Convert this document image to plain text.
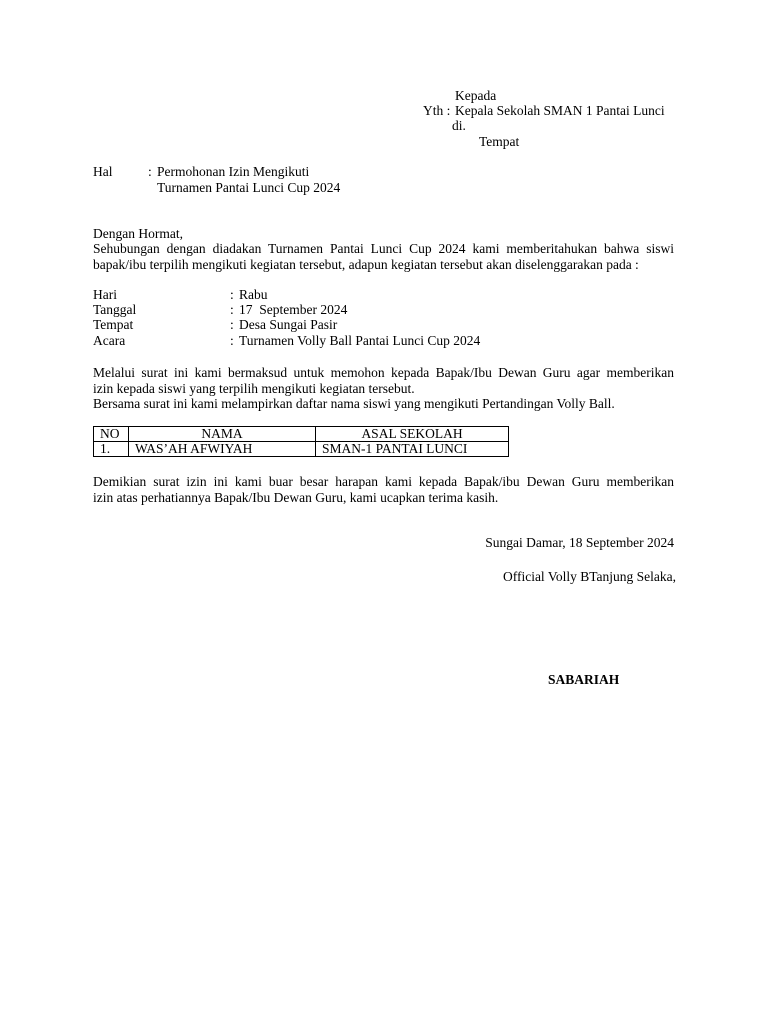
Kepada
Yth : Kepala Sekolah SMAN 1 Pantai Lunci
di.
Tempat
Hal	: Permohonan Izin Mengikuti
Turnamen Pantai Lunci Cup 2024
Dengan Hormat,
Sehubungan dengan diadakan Turnamen Pantai Lunci Cup 2024 kami memberitahukan bahwa siswi
bapak/ibu terpilih mengikuti kegiatan tersebut, adapun kegiatan tersebut akan diselenggarakan pada :
Hari	: Rabu
Tanggal	: 17  September 2024
Tempat	: Desa Sungai Pasir
Acara	: Turnamen Volly Ball Pantai Lunci Cup 2024
Melalui surat ini kami bermaksud untuk memohon kepada Bapak/Ibu Dewan Guru agar memberikan
izin kepada siswi yang terpilih mengikuti kegiatan tersebut.
Bersama surat ini kami melampirkan daftar nama siswi yang mengikuti Pertandingan Volly Ball.
NO	NAMA	ASAL SEKOLAH
1.	WAS’AH AFWIYAH	SMAN-1 PANTAI LUNCI
Demikian surat izin ini kami buar besar harapan kami kepada Bapak/ibu Dewan Guru memberikan
izin atas perhatiannya Bapak/Ibu Dewan Guru, kami ucapkan terima kasih.
Sungai Damar, 18 September 2024
Official Volly BTanjung Selaka,
SABARIAH
